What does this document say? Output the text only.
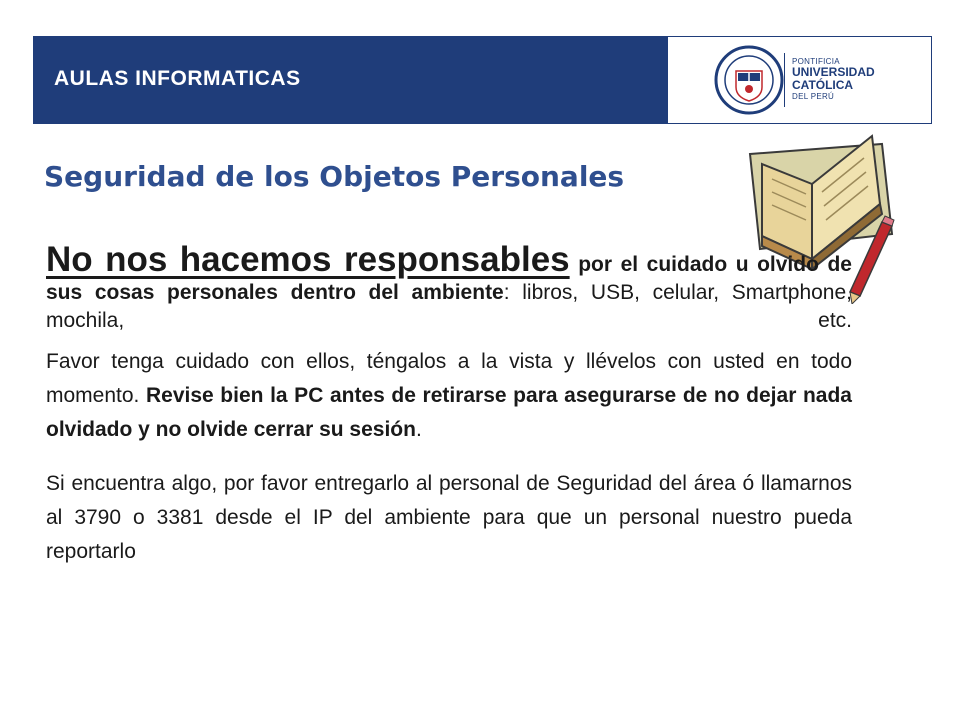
AULAS INFORMATICAS
PONTIFICIA
UNIVERSIDAD
CATÓLICA
DEL PERÚ
Seguridad de los Objetos Personales

No nos hacemos responsables por el cuidado u olvido de sus cosas personales dentro del ambiente: libros, USB, celular, Smartphone, mochila, etc.

Favor tenga cuidado con ellos, téngalos a la vista y llévelos con usted en todo momento. Revise bien la PC antes de retirarse para asegurarse de no dejar nada olvidado y no olvide cerrar su sesión.

Si encuentra algo, por favor entregarlo al personal de Seguridad del área ó llamarnos al 3790 o 3381 desde el IP del ambiente para que un personal nuestro pueda reportarlo
